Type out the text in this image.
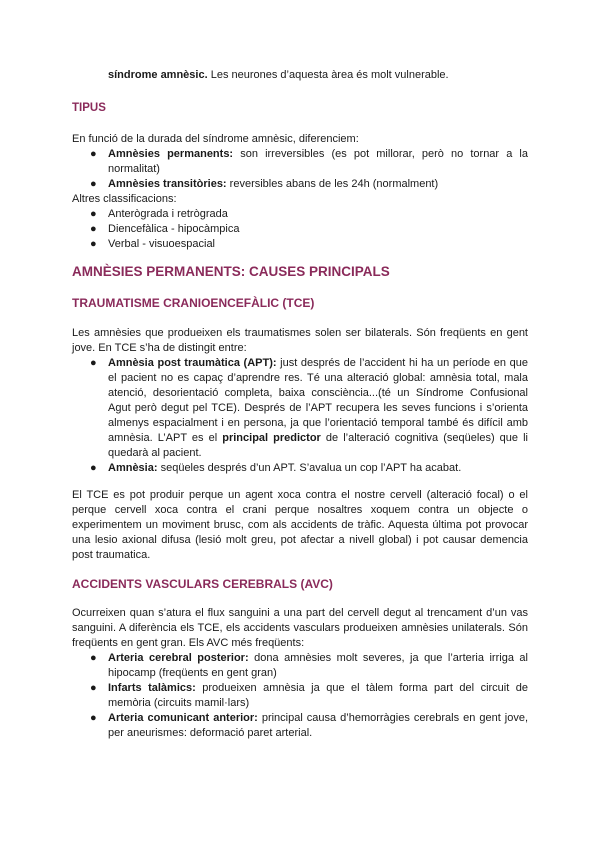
síndrome amnèsic. Les neurones d’aquesta àrea és molt vulnerable.
TIPUS
En funció de la durada del síndrome amnèsic, diferenciem:
● Amnèsies permanents: son irreversibles (es pot millorar, però no tornar a la normalitat)
● Amnèsies transitòries: reversibles abans de les 24h (normalment)
Altres classificacions:
● Anterògrada i retrògrada
● Diencefàlica - hipocàmpica
● Verbal - visuoespacial
AMNÈSIES PERMANENTS: CAUSES PRINCIPALS
TRAUMATISME CRANIOENCEFÀLIC (TCE)
Les amnèsies que produeixen els traumatismes solen ser bilaterals. Són freqüents en gent jove. En TCE s’ha de distingit entre:
● Amnèsia post traumàtica (APT): just després de l’accident hi ha un període en que el pacient no es capaç d’aprendre res. Té una alteració global: amnèsia total, mala atenció, desorientació completa, baixa consciència...(té un Síndrome Confusional Agut però degut pel TCE). Després de l’APT recupera les seves funcions i s’orienta almenys espacialment i en persona, ja que l’orientació temporal també és difícil amb amnèsia. L’APT es el principal predictor de l’alteració cognitiva (seqüeles) que li quedarà al pacient.
● Amnèsia: seqüeles després d’un APT. S’avalua un cop l’APT ha acabat.
El TCE es pot produir perque un agent xoca contra el nostre cervell (alteració focal) o el perque cervell xoca contra el crani perque nosaltres xoquem contra un objecte o experimentem un moviment brusc, com als accidents de tràfic. Aquesta última pot provocar una lesio axional difusa (lesió molt greu, pot afectar a nivell global) i pot causar demencia post traumatica.
ACCIDENTS VASCULARS CEREBRALS (AVC)
Ocurreixen quan s’atura el flux sanguini a una part del cervell degut al trencament d’un vas sanguini. A diferència els TCE, els accidents vasculars produeixen amnèsies unilaterals. Són freqüents en gent gran. Els AVC més freqüents:
● Arteria cerebral posterior: dona amnèsies molt severes, ja que l’arteria irriga al hipocamp (freqüents en gent gran)
● Infarts talàmics: produeixen amnèsia ja que el tàlem forma part del circuit de memòria (circuits mamil·lars)
● Arteria comunicant anterior: principal causa d’hemorràgies cerebrals en gent jove, per aneurismes: deformació paret arterial.
